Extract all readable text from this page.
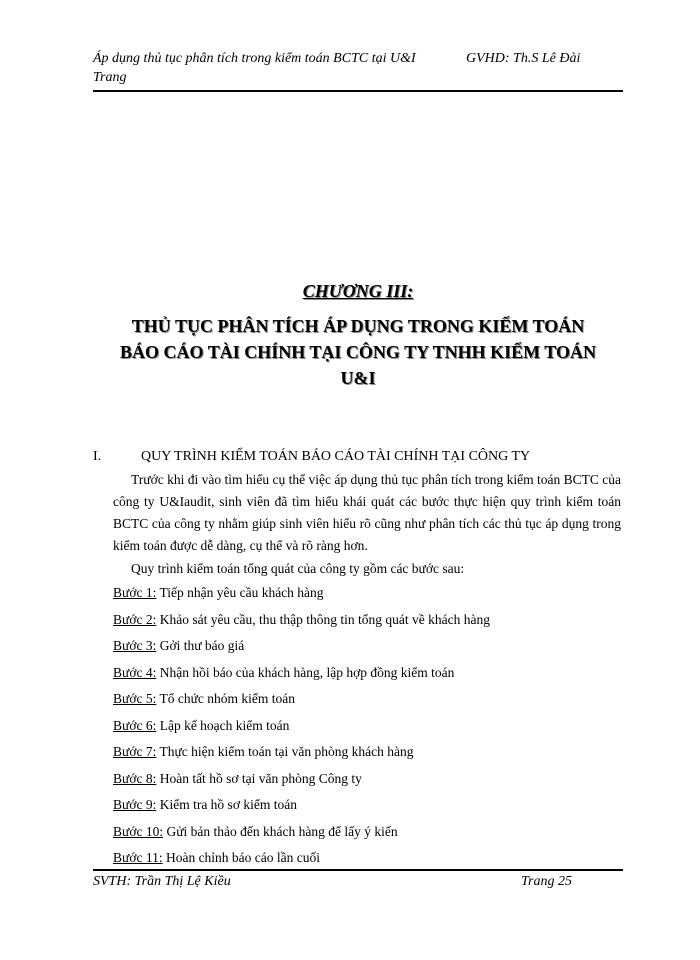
Áp dụng thủ tục phân tích trong kiểm toán BCTC tại U&I	GVHD: Th.S Lê Đài
Trang
CHƯƠNG III:
THỦ TỤC PHÂN TÍCH ÁP DỤNG TRONG KIỂM TOÁN
BÁO CÁO TÀI CHÍNH TẠI CÔNG TY TNHH KIỂM TOÁN
U&I
I.	QUY TRÌNH KIỂM TOÁN BÁO CÁO TÀI CHÍNH TẠI CÔNG TY
Trước khi đi vào tìm hiểu cụ thể việc áp dụng thủ tục phân tích trong kiểm toán BCTC của công ty U&Iaudit, sinh viên đã tìm hiểu khái quát các bước thực hiện quy trình kiểm toán BCTC của công ty nhằm giúp sinh viên hiểu rõ cũng như phân tích các thủ tục áp dụng trong kiểm toán được dễ dàng, cụ thể và rõ ràng hơn.
Quy trình kiểm toán tổng quát của công ty gồm các bước sau:
Bước 1: Tiếp nhận yêu cầu khách hàng
Bước 2: Khảo sát yêu cầu, thu thập thông tin tổng quát về khách hàng
Bước 3: Gởi thư báo giá
Bước 4: Nhận hồi báo của khách hàng, lập hợp đồng kiểm toán
Bước 5: Tổ chức nhóm kiểm toán
Bước 6: Lập kế hoạch kiểm toán
Bước 7: Thực hiện kiểm toán tại văn phòng khách hàng
Bước 8: Hoàn tất hồ sơ tại văn phòng Công ty
Bước 9: Kiểm tra hồ sơ kiểm toán
Bước 10: Gửi bản thảo đến khách hàng để lấy ý kiến
Bước 11: Hoàn chỉnh báo cáo lần cuối
SVTH: Trần Thị Lệ Kiều	Trang 25
